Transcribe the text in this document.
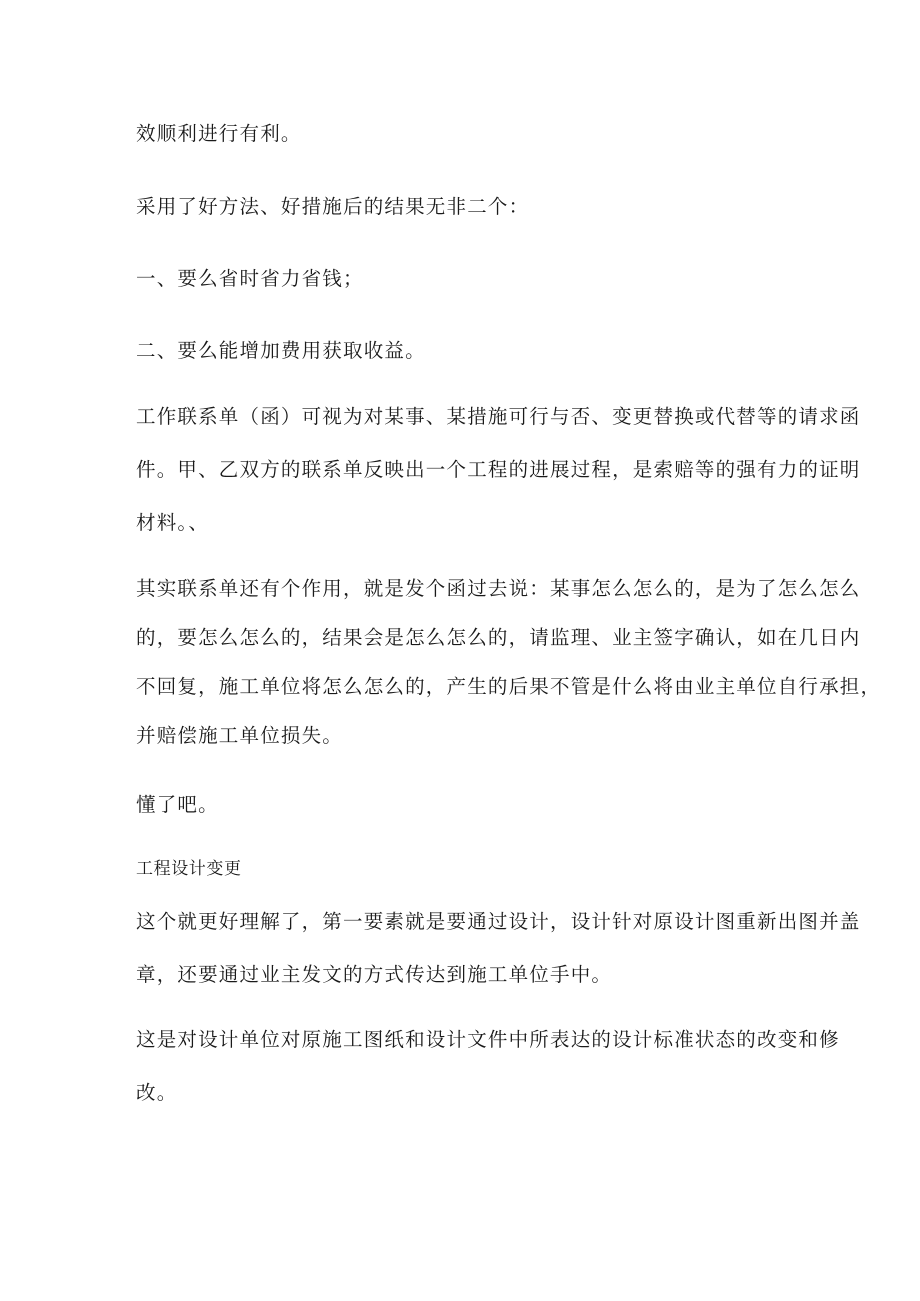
效顺利进行有利。

采用了好方法、好措施后的结果无非二个：

一、要么省时省力省钱；

二、要么能增加费用获取收益。

工作联系单（函）可视为对某事、某措施可行与否、变更替换或代替等的请求函

件。甲、乙双方的联系单反映出一个工程的进展过程，是索赔等的强有力的证明

材料。、

其实联系单还有个作用，就是发个函过去说：某事怎么怎么的，是为了怎么怎么

的，要怎么怎么的，结果会是怎么怎么的，请监理、业主签字确认，如在几日内

不回复，施工单位将怎么怎么的，产生的后果不管是什么将由业主单位自行承担，

并赔偿施工单位损失。

懂了吧。

工程设计变更

这个就更好理解了，第一要素就是要通过设计，设计针对原设计图重新出图并盖

章，还要通过业主发文的方式传达到施工单位手中。

这是对设计单位对原施工图纸和设计文件中所表达的设计标准状态的改变和修

改。
